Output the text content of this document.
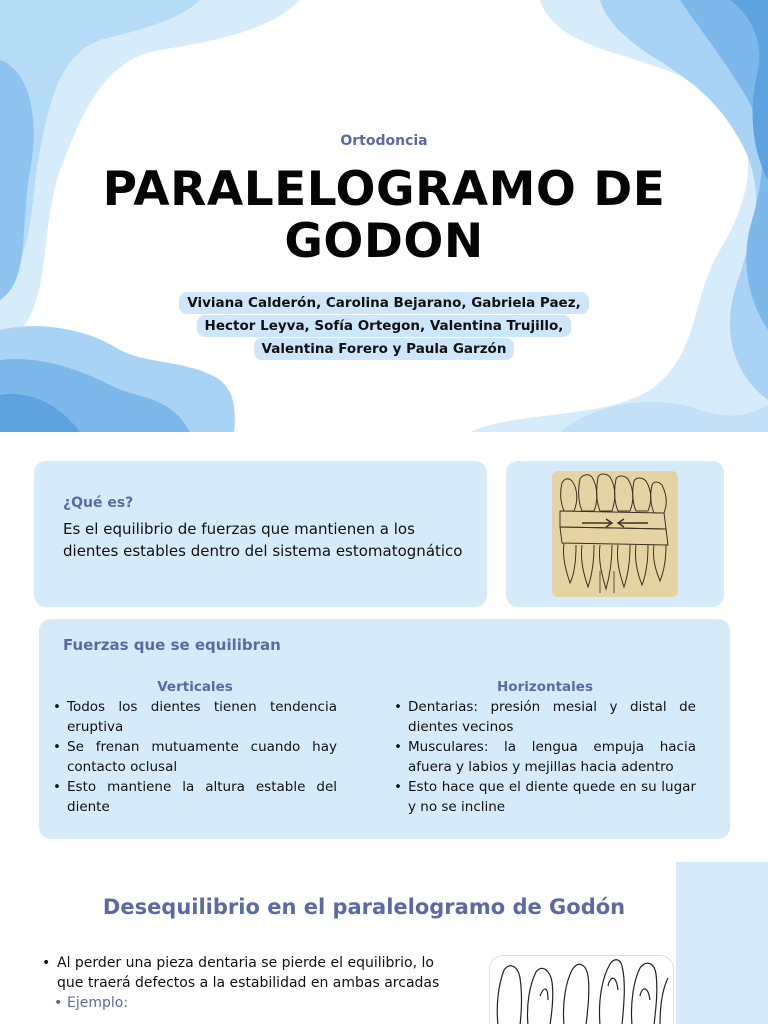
Ortodoncia
PARALELOGRAMO DE
GODON
Viviana Calderón, Carolina Bejarano, Gabriela Paez,
Hector Leyva, Sofía Ortegon, Valentina Trujillo,
Valentina Forero y Paula Garzón
¿Qué es?
Es el equilibrio de fuerzas que mantienen a los dientes estables dentro del sistema estomatognático
Fuerzas que se equilibran
Verticales
• Todos los dientes tienen tendencia eruptiva
• Se frenan mutuamente cuando hay contacto oclusal
• Esto mantiene la altura estable del diente
Horizontales
• Dentarias: presión mesial y distal de dientes vecinos
• Musculares: la lengua empuja hacia afuera y labios y mejillas hacia adentro
• Esto hace que el diente quede en su lugar y no se incline
Desequilibrio en el paralelogramo de Godón
• Al perder una pieza dentaria se pierde el equilibrio, lo que traerá defectos a la estabilidad en ambas arcadas
• Ejemplo:
